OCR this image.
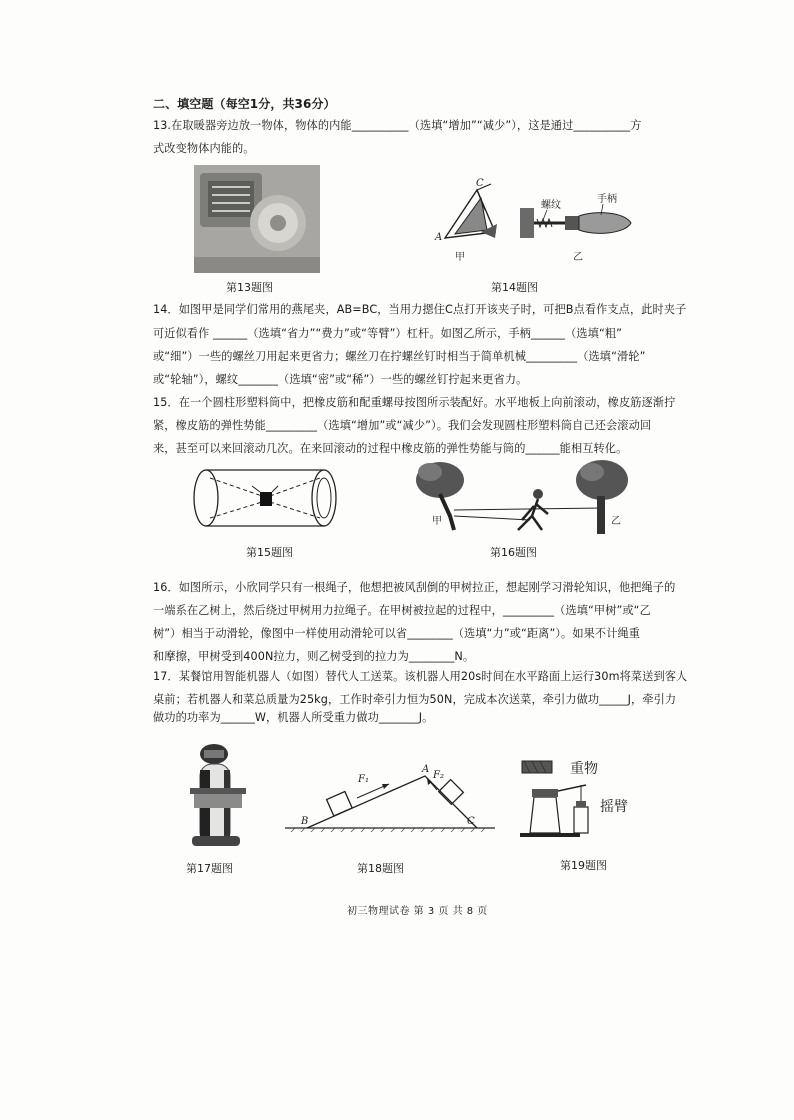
二、填空题（每空1分，共36分）
13.在取暖器旁边放一物体，物体的内能__________（选填“增加”“减少”），这是通过__________方
式改变物体内能的。
第13题图
C
A
甲
螺纹
手柄
乙
第14题图
14．如图甲是同学们常用的燕尾夹，AB=BC，当用力摁住C点打开该夹子时，可把B点看作支点，此时夹子
可近似看作 ______（选填“省力”“费力”或“等臂”）杠杆。如图乙所示，手柄______（选填“粗”
或“细”）一些的螺丝刀用起来更省力；螺丝刀在拧螺丝钉时相当于简单机械_________（选填“滑轮”
或“轮轴”），螺纹_______（选填“密”或“稀”）一些的螺丝钉拧起来更省力。
15．在一个圆柱形塑料筒中，把橡皮筋和配重螺母按图所示装配好。水平地板上向前滚动，橡皮筋逐渐拧
紧，橡皮筋的弹性势能_________（选填“增加”或“减少”）。我们会发现圆柱形塑料筒自己还会滚动回
来，甚至可以来回滚动几次。在来回滚动的过程中橡皮筋的弹性势能与筒的______能相互转化。
第15题图
甲	乙
第16题图
16．如图所示，小欣同学只有一根绳子，他想把被风刮倒的甲树拉正，想起刚学习滑轮知识，他把绳子的
一端系在乙树上，然后绕过甲树用力拉绳子。在甲树被拉起的过程中，_________（选填“甲树”或“乙
树”）相当于动滑轮，像图中一样使用动滑轮可以省________（选填“力”或“距离”）。如果不计绳重
和摩擦，甲树受到400N拉力，则乙树受到的拉力为________N。
17．某餐馆用智能机器人（如图）替代人工送菜。该机器人用20s时间在水平路面上运行30m将菜送到客人
桌前；若机器人和菜总质量为25kg，工作时牵引力恒为50N，完成本次送菜，牵引力做功_____J，牵引力
做功的功率为______W，机器人所受重力做功_______J。
第17题图
F₁
A
F₂
B	C
第18题图
重物
摇臂
第19题图
初三物理试卷 第 3 页 共 8 页
